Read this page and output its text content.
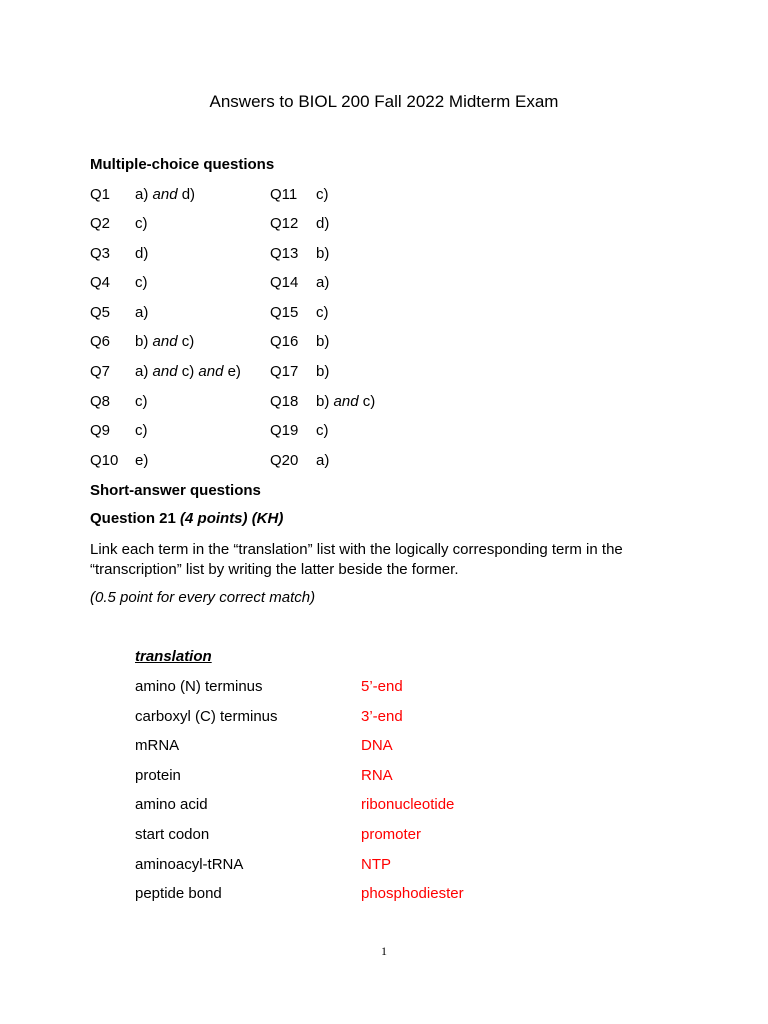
Answers to BIOL 200 Fall 2022 Midterm Exam
Multiple-choice questions
Q1 a) and d)	Q11 c)
Q2 c)	Q12 d)
Q3 d)	Q13 b)
Q4 c)	Q14 a)
Q5 a)	Q15 c)
Q6 b) and c)	Q16 b)
Q7 a) and c) and e) Q17 b)
Q8 c)	Q18 b) and c)
Q9 c)	Q19 c)
Q10 e)	Q20 a)
Short-answer questions
Question 21 (4 points) (KH)
Link each term in the “translation” list with the logically corresponding term in the “transcription” list by writing the latter beside the former.
(0.5 point for every correct match)
translation
amino (N) terminus	5’-end
carboxyl (C) terminus	3’-end
mRNA	DNA
protein	RNA
amino acid	ribonucleotide
start codon	promoter
aminoacyl-tRNA	NTP
peptide bond	phosphodiester
1
